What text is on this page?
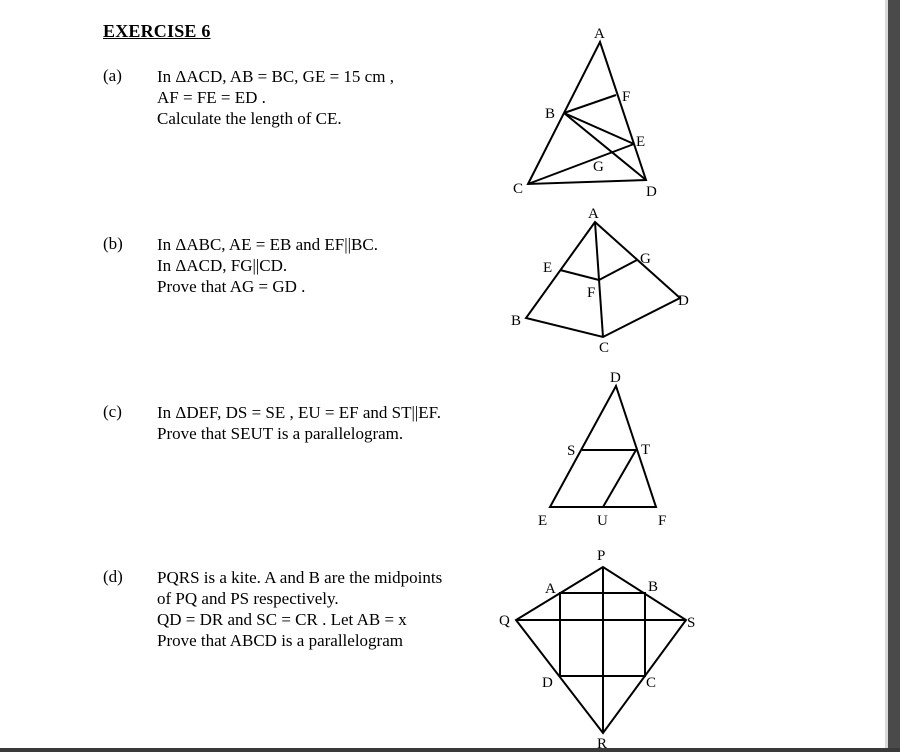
EXERCISE 6
(a) In ΔACD, AB = BC, GE = 15 cm ,
AF = FE = ED .
Calculate the length of CE.
A
B
C	D
E
F
G
(b) In ΔABC, AE = EB and EF||BC.
In ΔACD, FG||CD.
Prove that AG = GD .
A
B
C
D
E
F
G
(c) In ΔDEF, DS = SE , EU = EF and ST||EF.
Prove that SEUT is a parallelogram.
D
S	T
E	U	F
(d) PQRS is a kite. A and B are the midpoints
of PQ and PS respectively.
QD = DR and SC = CR . Let AB = x
Prove that ABCD is a parallelogram
P
Q
R
S
A	B
C
D
